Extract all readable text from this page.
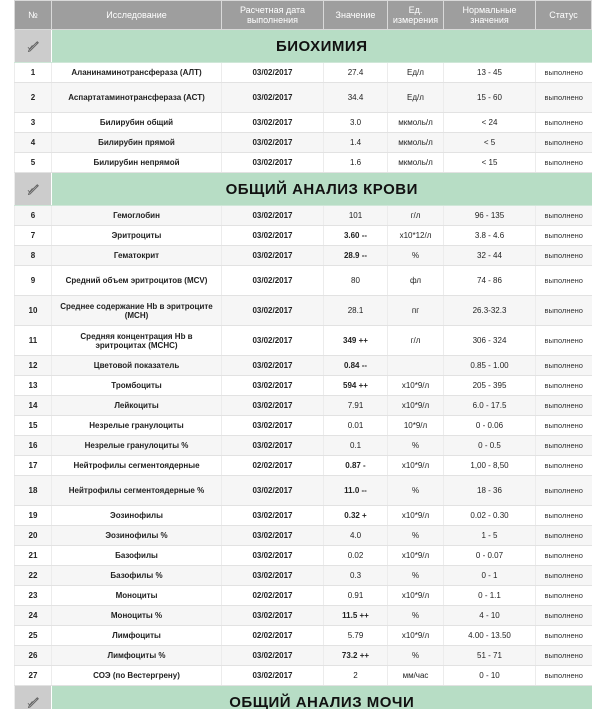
№	Исследование	Расчетная дата выполнения	Значение	Ед. измерения	Нормальные значения	Статус
	БИОХИМИЯ					
1	Аланинаминотрансфераза (АЛТ)	03/02/2017	27.4	Ед/л	13 - 45	выполнено
2	Аспартатаминотрансфераза (АСТ)	03/02/2017	34.4	Ед/л	15 - 60	выполнено
3	Билирубин общий	03/02/2017	3.0	мкмоль/л	< 24	выполнено
4	Билирубин прямой	03/02/2017	1.4	мкмоль/л	< 5	выполнено
5	Билирубин непрямой	03/02/2017	1.6	мкмоль/л	< 15	выполнено
	ОБЩИЙ АНАЛИЗ КРОВИ					
6	Гемоглобин	03/02/2017	101	г/л	96 - 135	выполнено
7	Эритроциты	03/02/2017	3.60 --	x10*12/л	3.8 - 4.6	выполнено
8	Гематокрит	03/02/2017	28.9 --	%	32 - 44	выполнено
9	Средний объем эритроцитов (MCV)	03/02/2017	80	фл	74 - 86	выполнено
10	Среднее содержание Hb в эритроците (MCH)	03/02/2017	28.1	пг	26.3-32.3	выполнено
11	Средняя концентрация Hb в эритроцитах (MCHC)	03/02/2017	349 ++	г/л	306 - 324	выполнено
12	Цветовой показатель	03/02/2017	0.84 --		0.85 - 1.00	выполнено
13	Тромбоциты	03/02/2017	594 ++	x10*9/л	205 - 395	выполнено
14	Лейкоциты	03/02/2017	7.91	x10*9/л	6.0 - 17.5	выполнено
15	Незрелые гранулоциты	03/02/2017	0.01	10*9/л	0 - 0.06	выполнено
16	Незрелые гранулоциты %	03/02/2017	0.1	%	0 - 0.5	выполнено
17	Нейтрофилы сегментоядерные	02/02/2017	0.87 -	x10*9/л	1,00 - 8,50	выполнено
18	Нейтрофилы сегментоядерные %	03/02/2017	11.0 --	%	18 - 36	выполнено
19	Эозинофилы	03/02/2017	0.32 +	x10*9/л	0.02 - 0.30	выполнено
20	Эозинофилы %	03/02/2017	4.0	%	1 - 5	выполнено
21	Базофилы	03/02/2017	0.02	x10*9/л	0 - 0.07	выполнено
22	Базофилы %	03/02/2017	0.3	%	0 - 1	выполнено
23	Моноциты	02/02/2017	0.91	x10*9/л	0 - 1.1	выполнено
24	Моноциты %	03/02/2017	11.5 ++	%	4 - 10	выполнено
25	Лимфоциты	02/02/2017	5.79	x10*9/л	4.00 - 13.50	выполнено
26	Лимфоциты %	03/02/2017	73.2 ++	%	51 - 71	выполнено
27	СОЭ (по Вестергрену)	03/02/2017	2	мм/час	0 - 10	выполнено
	ОБЩИЙ АНАЛИЗ МОЧИ					
